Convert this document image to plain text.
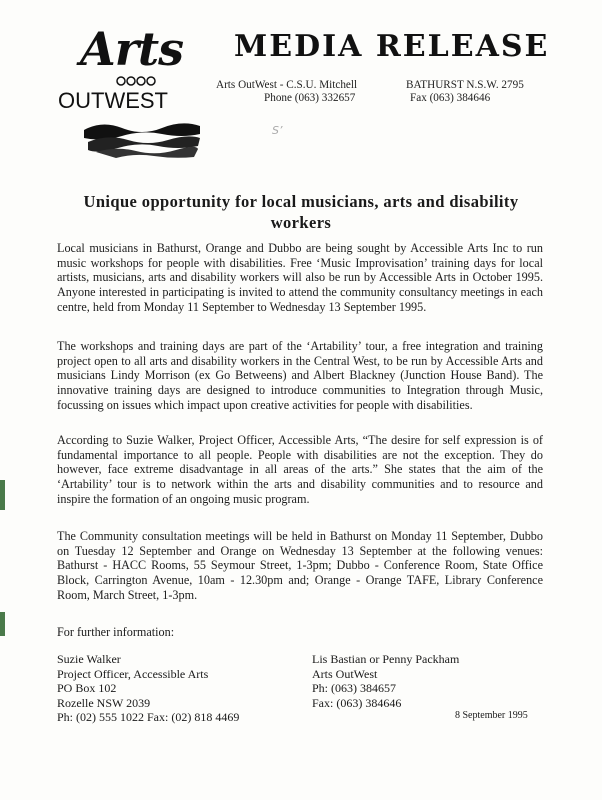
Arts
OUTWEST
MEDIA RELEASE
Arts OutWest - C.S.U. Mitchell	BATHURST N.S.W. 2795
Phone (063) 332657	Fax (063) 384646
S’
Unique opportunity for local musicians, arts and disability workers
Local musicians in Bathurst, Orange and Dubbo are being sought by Accessible Arts Inc to run music workshops for people with disabilities. Free ‘Music Improvisation’ training days for local artists, musicians, arts and disability workers will also be run by Accessible Arts in October 1995. Anyone interested in participating is invited to attend the community consultancy meetings in each centre, held from Monday 11 September to Wednesday 13 September 1995.
The workshops and training days are part of the ‘Artability’ tour, a free integration and training project open to all arts and disability workers in the Central West, to be run by Accessible Arts and musicians Lindy Morrison (ex Go Betweens) and Albert Blackney (Junction House Band). The innovative training days are designed to introduce communities to Integration through Music, focussing on issues which impact upon creative activities for people with disabilities.
According to Suzie Walker, Project Officer, Accessible Arts, “The desire for self expression is of fundamental importance to all people. People with disabilities are not the exception. They do however, face extreme disadvantage in all areas of the arts.” She states that the aim of the ‘Artability’ tour is to network within the arts and disability communities and to resource and inspire the formation of an ongoing music program.
The Community consultation meetings will be held in Bathurst on Monday 11 September, Dubbo on Tuesday 12 September and Orange on Wednesday 13 September at the following venues: Bathurst - HACC Rooms, 55 Seymour Street, 1-3pm; Dubbo - Conference Room, State Office Block, Carrington Avenue, 10am - 12.30pm and; Orange - Orange TAFE, Library Conference Room, March Street, 1-3pm.
For further information:
Suzie Walker
Project Officer, Accessible Arts
PO Box 102
Rozelle NSW 2039
Ph: (02) 555 1022 Fax: (02) 818 4469
Lis Bastian or Penny Packham
Arts OutWest
Ph: (063) 384657
Fax: (063) 384646
8 September 1995
